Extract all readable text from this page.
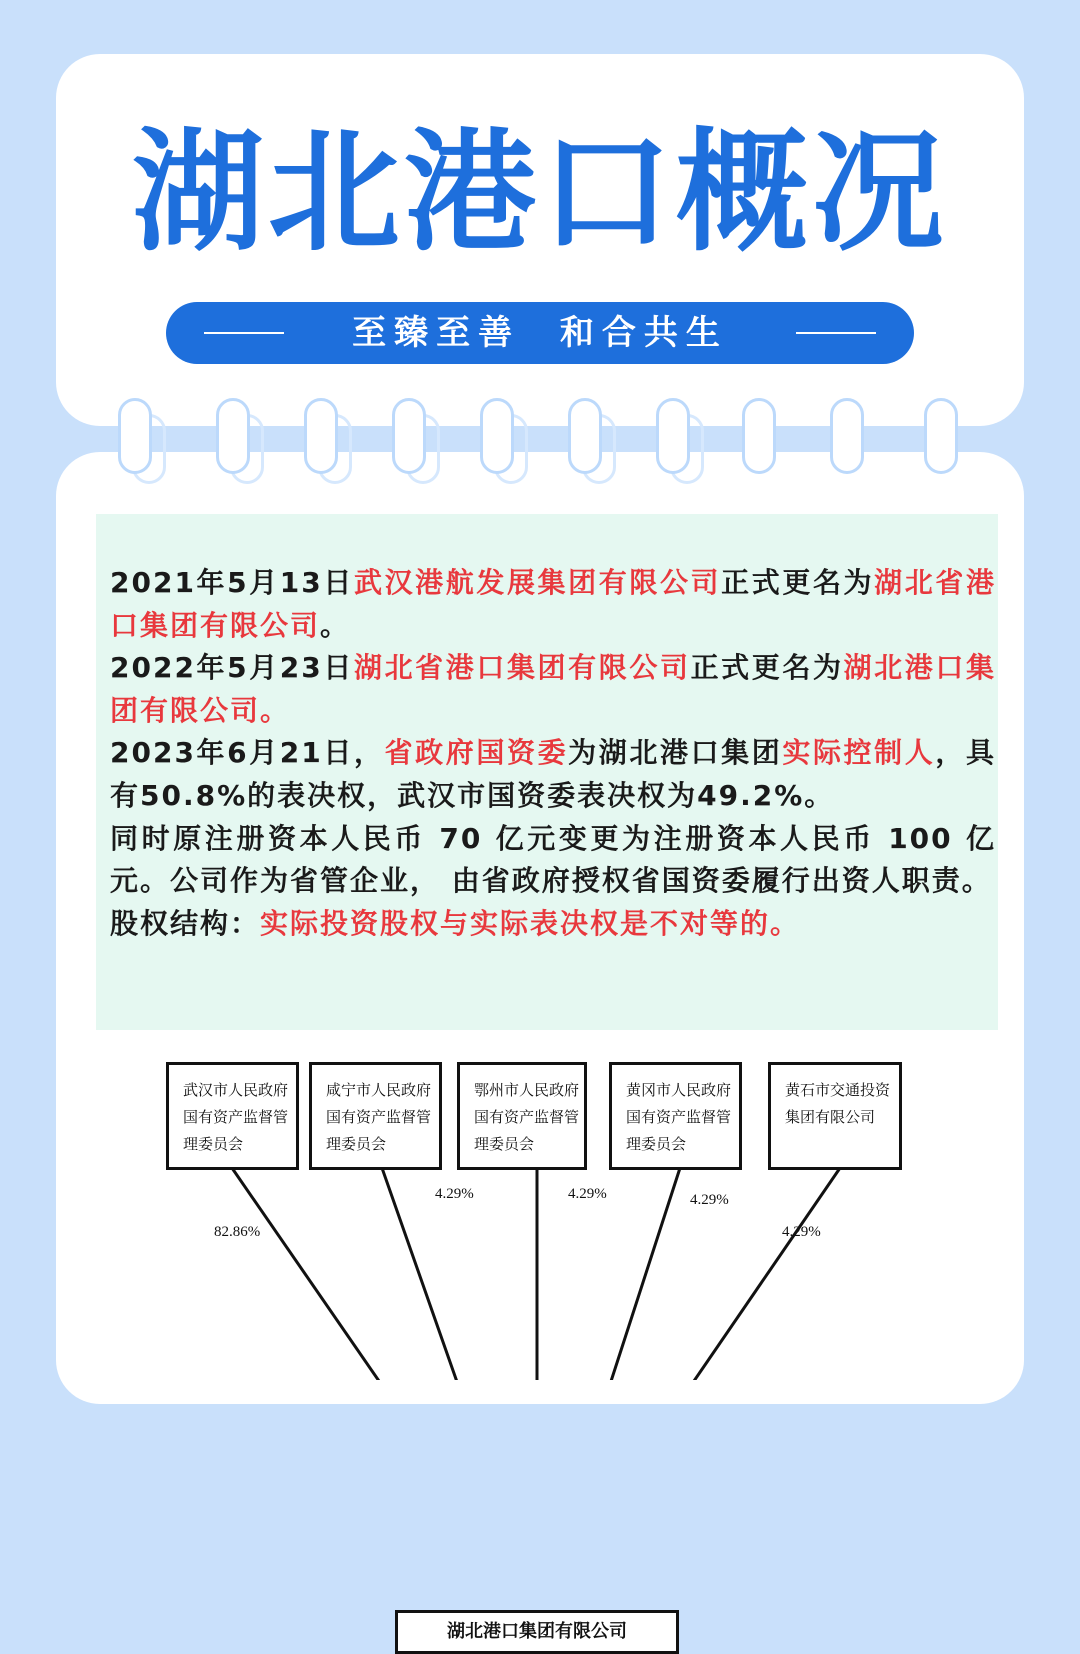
湖北港口概况
至臻至善 和合共生

2021年5月13日武汉港航发展集团有限公司正式更名为湖北省港口集团有限公司。

2022年5月23日湖北省港口集团有限公司正式更名为湖北港口集团有限公司。

2023年6月21日，省政府国资委为湖北港口集团实际控制人，具有50.8%的表决权，武汉市国资委表决权为49.2%。

同时原注册资本人民币 70 亿元变更为注册资本人民币 100 亿元。公司作为省管企业， 由省政府授权省国资委履行出资人职责。

股权结构：实际投资股权与实际表决权是不对等的。

武汉市人民政府
国有资产监督管
理委员会
咸宁市人民政府
国有资产监督管
理委员会
鄂州市人民政府
国有资产监督管
理委员会
黄冈市人民政府
国有资产监督管
理委员会
黄石市交通投资
集团有限公司
82.86%
4.29%	4.29%	4.29%
4.29%
湖北港口集团有限公司
